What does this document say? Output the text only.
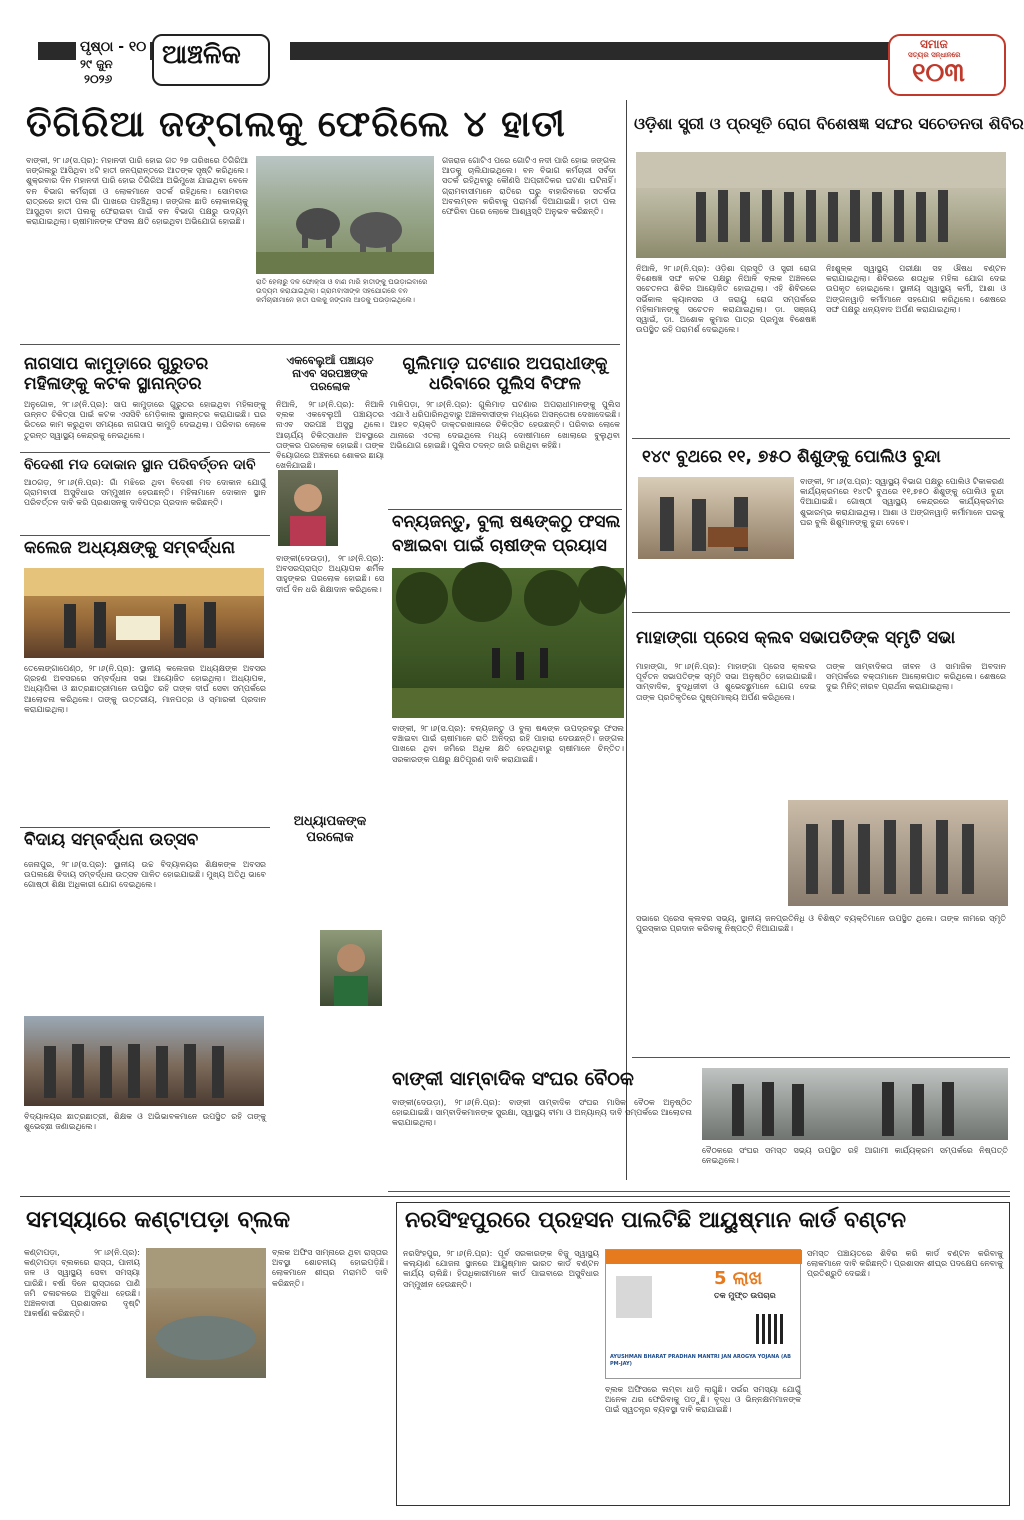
ପୃଷ୍ଠା - ୧୦
୨୯ ଜୁନ
୨୦୨୬
ଆଞ୍ଚଳିକ	ସମାଜ
ସତ୍ୟର ସନ୍ଧାନରେ
୧୦୩
ତିଗିରିଆ ଜଙ୍ଗଲକୁ ଫେରିଲେ ୪ ହାତୀ
ବାଙ୍କୀ, ୨୮।୬(ସ.ପ୍ର): ମହାନଦୀ ପାରି ହୋଇ ଗତ ୨୭ ତାରିଖରେ ତିଗିରିଆ ଜଙ୍ଗଲରୁ ଆସିଥିବା ୪ଟି ହାତୀ ଜନପ୍ରାନ୍ତରେ ଆତଙ୍କ ସୃଷ୍ଟି କରିଥିଲେ। ଶୁକ୍ରବାର ଦିନ ମହାନଦୀ ପାରି ହୋଇ ତିଗିରିଆ ଅଭିମୁଖେ ଯାଇଥିବା ବେଳେ ବନ ବିଭାଗ କର୍ମଚାରୀ ଓ ଲୋକମାନେ ସତର୍କ ରହିଥିଲେ। ସୋମବାର ରାତ୍ରରେ ହାତୀ ପଲ ଗାଁ ପାଖରେ ପହଞ୍ଚିଥିଲା। ଜଙ୍ଗଲ ଛାଡି ଲୋକାଳୟକୁ ଆସୁଥିବା ହାତୀ ପଲକୁ ଫେରାଇବା ପାଇଁ ବନ ବିଭାଗ ପକ୍ଷରୁ ଉଦ୍ୟମ କରାଯାଇଥିଲା। ଚାଷୀମାନଙ୍କ ଫସଲ କ୍ଷତି ହୋଇଥିବା ଅଭିଯୋଗ ହୋଇଛି।
ରାତି ହେଲାରୁ ଦଳ ଫୋକ୍ସା ଓ ବାଣ ମାରି ହାତୀଙ୍କୁ ଘଉଡ଼ାଇବାରେ ଉଦ୍ୟମ କରାଯାଇଥିଲା। ଗ୍ରାମବାସୀଙ୍କ ସହଯୋଗରେ ବନ କର୍ମଚାରୀମାନେ ହାତୀ ପଲକୁ ଜଙ୍ଗଲ ଆଡକୁ ଘଉଡ଼ାଇଥିଲେ।
ଗଜରାଜ ଗୋଟିଏ ପରେ ଗୋଟିଏ ନଦୀ ପାରି ହୋଇ ଜଙ୍ଗଲ ଆଡକୁ ଚାଲିଯାଇଥିଲେ। ବନ ବିଭାଗ କର୍ମଚାରୀ ସର୍ବଦା ସତର୍କ ରହିଥିବାରୁ କୌଣସି ଅପ୍ରୀତିକର ଘଟଣା ଘଟିନାହିଁ। ଗ୍ରାମବାସୀମାନେ ରାତିରେ ଘରୁ ବାହାରିବାରେ ସତର୍କତା ଅବଲମ୍ବନ କରିବାକୁ ପରାମର୍ଶ ଦିଆଯାଇଛି। ହାତୀ ପଲ ଫେରିବା ପରେ ଲୋକେ ଆଶ୍ୱସ୍ତି ଅନୁଭବ କରିଛନ୍ତି।
ଓଡ଼ିଶା ସ୍ତ୍ରୀ ଓ ପ୍ରସୂତି ରୋଗ ବିଶେଷଜ୍ଞ ସଙ୍ଘର ସଚେତନତା ଶିବିର
ନିଆଳି, ୨୮।୬(ନି.ପ୍ର): ଓଡ଼ିଶା ପ୍ରସୂତି ଓ ସ୍ତ୍ରୀ ରୋଗ ବିଶେଷଜ୍ଞ ସଙ୍ଘ କଟକ ପକ୍ଷରୁ ନିଆଳି ବ୍ଲକ ଅଞ୍ଚଳରେ ସଚେତନତା ଶିବିର ଆୟୋଜିତ ହୋଇଥିଲା। ଏହି ଶିବିରରେ ସର୍ଭିକାଲ କ୍ୟାନସର ଓ ଜରାୟୁ ରୋଗ ସମ୍ପର୍କରେ ମହିଳାମାନଙ୍କୁ ସଚେତନ କରାଯାଇଥିଲା। ଡ଼ା. ସଞ୍ଜୟ ସ୍ୱାଇଁ, ଡ଼ା. ଅଶୋକ କୁମାର ପାତ୍ର ପ୍ରମୁଖ ବିଶେଷଜ୍ଞ ଉପସ୍ଥିତ ରହି ପରାମର୍ଶ ଦେଇଥିଲେ।
ନିଃଶୁଳ୍କ ସ୍ୱାସ୍ଥ୍ୟ ପରୀକ୍ଷା ସହ ଔଷଧ ବଣ୍ଟନ କରାଯାଇଥିଲା। ଶିବିରରେ ଶତାଧିକ ମହିଳା ଯୋଗ ଦେଇ ଉପକୃତ ହୋଇଥିଲେ। ସ୍ଥାନୀୟ ସ୍ୱାସ୍ଥ୍ୟ କର୍ମୀ, ଆଶା ଓ ଅଙ୍ଗନୱାଡ଼ି କର୍ମୀମାନେ ସହଯୋଗ କରିଥିଲେ। ଶେଷରେ ସଙ୍ଘ ପକ୍ଷରୁ ଧନ୍ୟବାଦ ଅର୍ପଣ କରାଯାଇଥିଲା।
ନାଗସାପ କାମୁଡ଼ାରେ ଗୁରୁତର ମହିଳାଙ୍କୁ କଟକ ସ୍ଥାନାନ୍ତର
ଅନୁଗୋଳ, ୨୮।୬(ନି.ପ୍ର): ସାପ କାମୁଡ଼ାରେ ଗୁରୁତର ହୋଇଥିବା ମହିଳାଙ୍କୁ ଉନ୍ନତ ଚିକିତ୍ସା ପାଇଁ କଟକ ଏସସିବି ମେଡ଼ିକାଲ ସ୍ଥାନାନ୍ତର କରାଯାଇଛି। ଘର ଭିତରେ କାମ କରୁଥିବା ସମୟରେ ନାଗସାପ କାମୁଡ଼ି ଦେଇଥିଲା। ପରିବାର ଲୋକେ ତୁରନ୍ତ ସ୍ୱାସ୍ଥ୍ୟ କେନ୍ଦ୍ରକୁ ନେଇଥିଲେ।
ଏକବେଲୁଆଁ ପଞ୍ଚାୟତ ନାଏବ ସରପଞ୍ଚଙ୍କ ପରଲୋକ
ନିଆଳି, ୨୮।୬(ନି.ପ୍ର): ନିଆଳି ବ୍ଲକ ଏକବେଲୁଆଁ ପଞ୍ଚାୟତର ନାଏବ ସରପଞ୍ଚ ଅସୁସ୍ଥ ଥିଲେ। ଆଚାର୍ଯ୍ୟ ଚିକିତ୍ସାଧୀନ ଅବସ୍ଥାରେ ତାଙ୍କର ପରଲୋକ ହୋଇଛି। ତାଙ୍କ ବିୟୋଗରେ ଅଞ୍ଚଳରେ ଶୋକର ଛାୟା ଖେଳିଯାଇଛି।
ବାଙ୍କୀ(ଦେଉଡ଼ା), ୨୮।୬(ନି.ପ୍ର): ଅବସରପ୍ରାପ୍ତ ଅଧ୍ୟାପକ ଶର୍ମିଳ ସାହୁଙ୍କର ପରଲୋକ ହୋଇଛି। ସେ ଦୀର୍ଘ ଦିନ ଧରି ଶିକ୍ଷାଦାନ କରିଥିଲେ।
ଗୁଲିମାଡ଼ ଘଟଣାର ଅପରାଧୀଙ୍କୁ ଧରିବାରେ ପୁଲିସ ବିଫଳ
ମାଳିପଡ଼ା, ୨୮।୬(ନି.ପ୍ର): ଗୁଲିମାଡ଼ ଘଟଣାର ଅପରାଧୀମାନଙ୍କୁ ପୁଲିସ ଏଯାଏଁ ଧରିପାରିନଥିବାରୁ ଅଞ୍ଚଳବାସୀଙ୍କ ମଧ୍ୟରେ ଅସନ୍ତୋଷ ଦେଖାଦେଇଛି। ଆହତ ବ୍ୟକ୍ତି ଡାକ୍ତରଖାନାରେ ଚିକିତ୍ସିତ ହେଉଛନ୍ତି। ପରିବାର ଲୋକେ ଥାନାରେ ଏତଲା ଦେଇଥିଲେ ମଧ୍ୟ ଦୋଷୀମାନେ ଖୋଲାରେ ବୁଲୁଥିବା ଅଭିଯୋଗ ହୋଇଛି। ପୁଲିସ ତଦନ୍ତ ଜାରି ରଖିଥିବା କହିଛି।
ବିଦେଶୀ ମଦ ଦୋକାନ ସ୍ଥାନ ପରିବର୍ତ୍ତନ ଦାବି
ଆଠଗଡ଼, ୨୮।୬(ନି.ପ୍ର): ଗାଁ ମଝିରେ ଥିବା ବିଦେଶୀ ମଦ ଦୋକାନ ଯୋଗୁଁ ଗ୍ରାମବାସୀ ଅସୁବିଧାର ସମ୍ମୁଖୀନ ହେଉଛନ୍ତି। ମହିଳାମାନେ ଦୋକାନ ସ୍ଥାନ ପରିବର୍ତ୍ତନ ଦାବି କରି ପ୍ରଶାସନକୁ ଦାବିପତ୍ର ପ୍ରଦାନ କରିଛନ୍ତି।
କଲେଜ ଅଧ୍ୟକ୍ଷଙ୍କୁ ସମ୍ବର୍ଦ୍ଧନା
ତେଲେଙ୍ଗାପେଣ୍ଠ, ୨୮।୬(ନି.ପ୍ର): ସ୍ଥାନୀୟ କଲେଜର ଅଧ୍ୟକ୍ଷଙ୍କ ଅବସର ଗ୍ରହଣ ଅବସରରେ ସମ୍ବର୍ଦ୍ଧନା ସଭା ଆୟୋଜିତ ହୋଇଥିଲା। ଅଧ୍ୟାପକ, ଅଧ୍ୟାପିକା ଓ ଛାତ୍ରଛାତ୍ରୀମାନେ ଉପସ୍ଥିତ ରହି ତାଙ୍କ ଦୀର୍ଘ ସେବା ସମ୍ପର୍କରେ ଆଲୋଚନା କରିଥିଲେ। ତାଙ୍କୁ ଉତ୍ତରୀୟ, ମାନପତ୍ର ଓ ସ୍ମାରକୀ ପ୍ରଦାନ କରାଯାଇଥିଲା।
ବିଦାୟ ସମ୍ବର୍ଦ୍ଧନା ଉତ୍ସବ
ଜେନାପୁର, ୨୮।୬(ସ.ପ୍ର): ସ୍ଥାନୀୟ ଉଚ୍ଚ ବିଦ୍ୟାଳୟର ଶିକ୍ଷକଙ୍କ ଅବସର ଉପଲକ୍ଷେ ବିଦାୟ ସମ୍ବର୍ଦ୍ଧନା ଉତ୍ସବ ପାଳିତ ହୋଇଯାଇଛି। ମୁଖ୍ୟ ଅତିଥି ଭାବେ ଗୋଷ୍ଠୀ ଶିକ୍ଷା ଅଧିକାରୀ ଯୋଗ ଦେଇଥିଲେ।
ବିଦ୍ୟାଳୟର ଛାତ୍ରଛାତ୍ରୀ, ଶିକ୍ଷକ ଓ ଅଭିଭାବକମାନେ ଉପସ୍ଥିତ ରହି ତାଙ୍କୁ ଶୁଭେଚ୍ଛା ଜଣାଇଥିଲେ।
୧୪୯ ବୁଥରେ ୧୧, ୭୫୦ ଶିଶୁଙ୍କୁ ପୋଲିଓ ବୁନ୍ଦା
ବାଙ୍କୀ, ୨୮।୬(ସ.ପ୍ର): ସ୍ୱାସ୍ଥ୍ୟ ବିଭାଗ ପକ୍ଷରୁ ପୋଲିଓ ଟିକାକରଣ କାର୍ଯ୍ୟକ୍ରମରେ ୧୪୯ଟି ବୁଥରେ ୧୧,୭୫୦ ଶିଶୁଙ୍କୁ ପୋଲିଓ ବୁନ୍ଦା ଦିଆଯାଇଛି। ଗୋଷ୍ଠୀ ସ୍ୱାସ୍ଥ୍ୟ କେନ୍ଦ୍ରରେ କାର୍ଯ୍ୟକ୍ରମର ଶୁଭାରମ୍ଭ କରାଯାଇଥିଲା। ଆଶା ଓ ଅଙ୍ଗନୱାଡ଼ି କର୍ମୀମାନେ ଘରକୁ ଘର ବୁଲି ଶିଶୁମାନଙ୍କୁ ବୁନ୍ଦା ଦେବେ।
ବନ୍ୟଜନ୍ତୁ, ବୁଲା ଷଣ୍ଢଙ୍କଠୁ ଫସଲ
ବଞ୍ଚାଇବା ପାଇଁ ଚାଷୀଙ୍କ ପ୍ରୟାସ
ବାଙ୍କୀ, ୨୮।୬(ସ.ପ୍ର): ବନ୍ୟଜନ୍ତୁ ଓ ବୁଲା ଷଣ୍ଢଙ୍କ ଉପଦ୍ରବରୁ ଫସଲ ବଞ୍ଚାଇବା ପାଇଁ ଚାଷୀମାନେ ରାତି ଅନିଦ୍ରା ରହି ପାହାରା ଦେଉଛନ୍ତି। ଜଙ୍ଗଲ ପାଖରେ ଥିବା ଜମିରେ ଅଧିକ କ୍ଷତି ହେଉଥିବାରୁ ଚାଷୀମାନେ ଚିନ୍ତିତ। ସରକାରଙ୍କ ପକ୍ଷରୁ କ୍ଷତିପୂରଣ ଦାବି କରାଯାଇଛି।
ଅଧ୍ୟାପକଙ୍କ ପରଲୋକ
ମାହାଙ୍ଗା ପ୍ରେସ କ୍ଲବ ସଭାପତିଙ୍କ ସ୍ମୃତି ସଭା
ମାହାଙ୍ଗା, ୨୮।୬(ନି.ପ୍ର): ମାହାଙ୍ଗା ପ୍ରେସ କ୍ଲବର ପୂର୍ବତନ ସଭାପତିଙ୍କ ସ୍ମୃତି ସଭା ଅନୁଷ୍ଠିତ ହୋଇଯାଇଛି। ସାମ୍ବାଦିକ, ବୁଦ୍ଧିଜୀବୀ ଓ ଶୁଭେଚ୍ଛୁମାନେ ଯୋଗ ଦେଇ ତାଙ୍କ ପ୍ରତିକୃତିରେ ପୁଷ୍ପମାଲ୍ୟ ଅର୍ପଣ କରିଥିଲେ।
ତାଙ୍କ ସାମ୍ବାଦିକତା ଜୀବନ ଓ ସାମାଜିକ ଅବଦାନ ସମ୍ପର୍କରେ ବକ୍ତାମାନେ ଆଲୋକପାତ କରିଥିଲେ। ଶେଷରେ ଦୁଇ ମିନିଟ୍ ନୀରବ ପ୍ରାର୍ଥନା କରାଯାଇଥିଲା।
ସଭାରେ ପ୍ରେସ କ୍ଲବର ସଭ୍ୟ, ସ୍ଥାନୀୟ ଜନପ୍ରତିନିଧି ଓ ବିଶିଷ୍ଟ ବ୍ୟକ୍ତିମାନେ ଉପସ୍ଥିତ ଥିଲେ। ତାଙ୍କ ନାମରେ ସ୍ମୃତି ପୁରସ୍କାର ପ୍ରଦାନ କରିବାକୁ ନିଷ୍ପତ୍ତି ନିଆଯାଇଛି।
ବାଙ୍କୀ ସାମ୍ବାଦିକ ସଂଘର ବୈଠକ
ବାଙ୍କୀ(ଦେଉଡ଼ା), ୨୮।୬(ନି.ପ୍ର): ବାଙ୍କୀ ସାମ୍ବାଦିକ ସଂଘର ମାସିକ ବୈଠକ ଅନୁଷ୍ଠିତ ହୋଇଯାଇଛି। ସାମ୍ବାଦିକମାନଙ୍କ ସୁରକ୍ଷା, ସ୍ୱାସ୍ଥ୍ୟ ବୀମା ଓ ଅନ୍ୟାନ୍ୟ ଦାବି ସମ୍ପର୍କରେ ଆଲୋଚନା କରାଯାଇଥିଲା।
ବୈଠକରେ ସଂଘର ସମସ୍ତ ସଭ୍ୟ ଉପସ୍ଥିତ ରହି ଆଗାମୀ କାର୍ଯ୍ୟକ୍ରମ ସମ୍ପର୍କରେ ନିଷ୍ପତ୍ତି ନେଇଥିଲେ।
ସମସ୍ୟାରେ କଣ୍ଟାପଡ଼ା ବ୍ଲକ
କଣ୍ଟାପଡ଼ା, ୨୮।୬(ନି.ପ୍ର): କଣ୍ଟାପଡ଼ା ବ୍ଲକରେ ରାସ୍ତା, ପାନୀୟ ଜଳ ଓ ସ୍ୱାସ୍ଥ୍ୟ ସେବା ସମସ୍ୟା ଘାରିଛି। ବର୍ଷା ଦିନେ ରାସ୍ତାରେ ପାଣି ଜମି ଚଳାଚଳରେ ଅସୁବିଧା ହେଉଛି। ଅଞ୍ଚଳବାସୀ ପ୍ରଶାସନର ଦୃଷ୍ଟି ଆକର୍ଷଣ କରିଛନ୍ତି।
ବ୍ଲକ ଅଫିସ ସାମ୍ନାରେ ଥିବା ରାସ୍ତାର ଅବସ୍ଥା ଶୋଚନୀୟ ହୋଇପଡ଼ିଛି। ଲୋକମାନେ ଶୀଘ୍ର ମରାମତି ଦାବି କରିଛନ୍ତି।
ନରସିଂହପୁରରେ ପ୍ରହସନ ପାଲଟିଛି ଆୟୁଷ୍ମାନ କାର୍ଡ ବଣ୍ଟନ
ନରସିଂହପୁର, ୨୮।୬(ନି.ପ୍ର): ପୂର୍ବ ସରକାରଙ୍କ ବିଜୁ ସ୍ୱାସ୍ଥ୍ୟ କଲ୍ୟାଣ ଯୋଜନା ସ୍ଥାନରେ ଆୟୁଷ୍ମାନ ଭାରତ କାର୍ଡ ବଣ୍ଟନ କାର୍ଯ୍ୟ ଚାଲିଛି। ହିତାଧିକାରୀମାନେ କାର୍ଡ ପାଇବାରେ ଅସୁବିଧାର ସମ୍ମୁଖୀନ ହେଉଛନ୍ତି।	5 ଲାଖ
ତକ ମୁଫ୍ତ ଉପଚାର
AYUSHMAN BHARAT PRADHAN MANTRI JAN AROGYA YOJANA (AB PM-JAY)
ବ୍ଲକ ଅଫିସରେ ଲମ୍ବା ଧାଡ଼ି ଲାଗୁଛି। ସର୍ଭର ସମସ୍ୟା ଯୋଗୁଁ ଅନେକ ଥର ଫେରିବାକୁ ପଡ଼ୁଛି। ବୃଦ୍ଧ ଓ ଭିନ୍ନକ୍ଷମମାନଙ୍କ ପାଇଁ ସ୍ୱତନ୍ତ୍ର ବ୍ୟବସ୍ଥା ଦାବି କରାଯାଇଛି।
ସମସ୍ତ ପଞ୍ଚାୟତରେ ଶିବିର କରି କାର୍ଡ ବଣ୍ଟନ କରିବାକୁ ଲୋକମାନେ ଦାବି କରିଛନ୍ତି। ପ୍ରଶାସନ ଶୀଘ୍ର ପଦକ୍ଷେପ ନେବାକୁ ପ୍ରତିଶ୍ରୁତି ଦେଇଛି।
